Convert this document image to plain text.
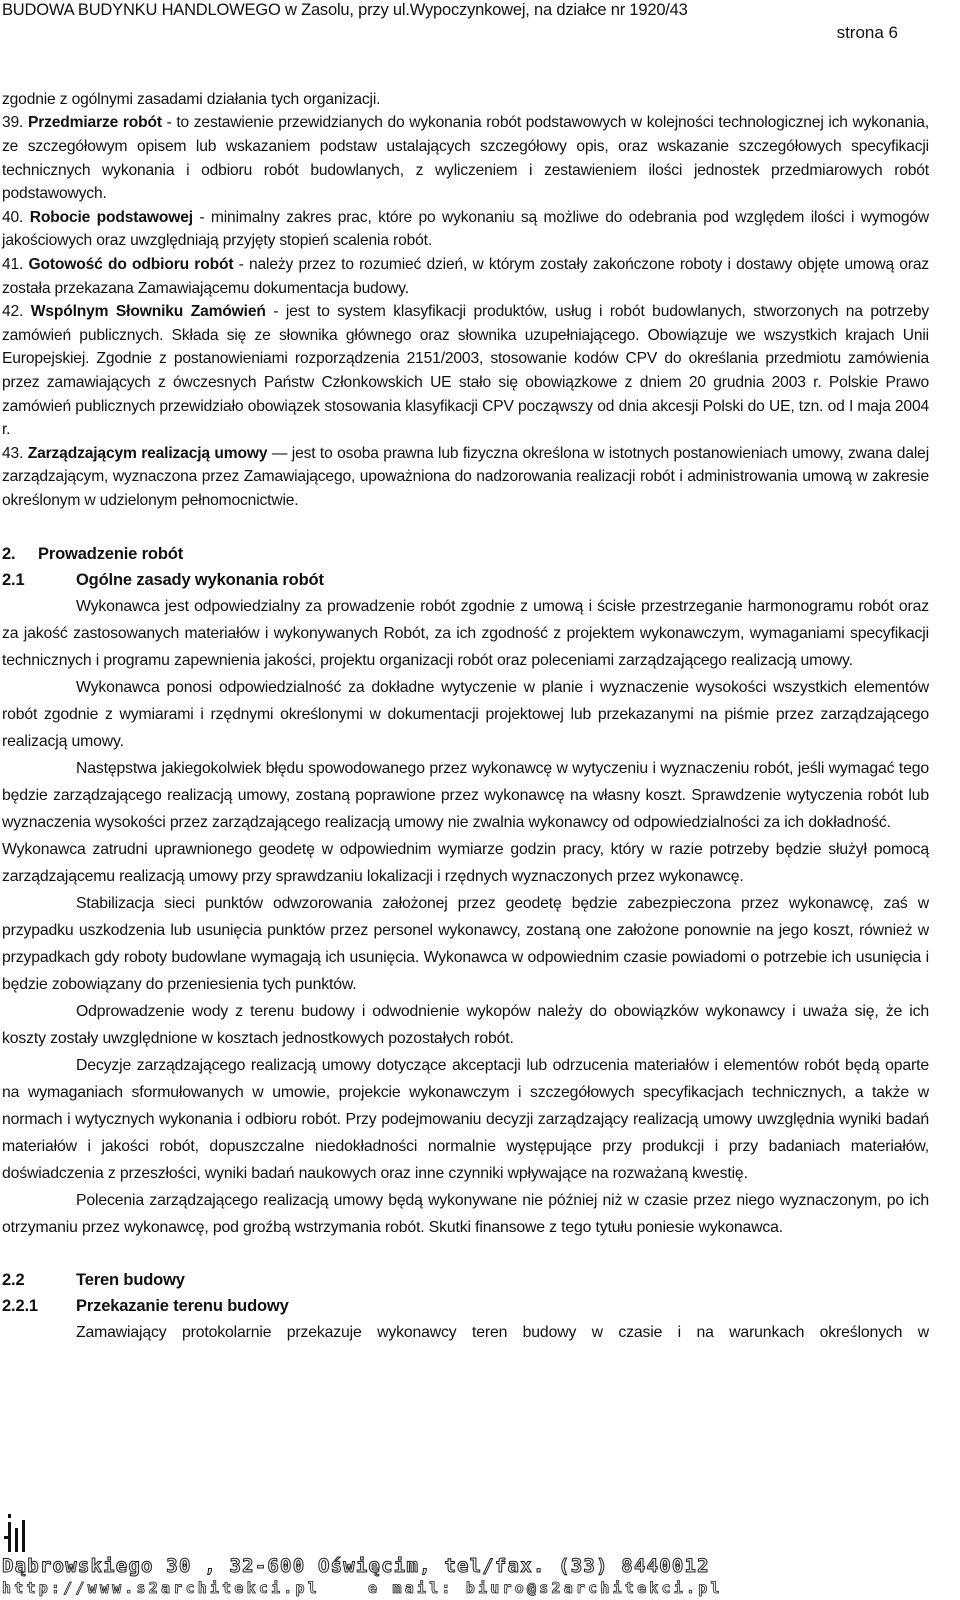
BUDOWA BUDYNKU HANDLOWEGO w Zasolu, przy ul.Wypoczynkowej, na działce nr 1920/43
strona 6

zgodnie z ogólnymi zasadami działania tych organizacji.

39. Przedmiarze robót - to zestawienie przewidzianych do wykonania robót podstawowych w kolejności technologicznej ich wykonania, ze szczegółowym opisem lub wskazaniem podstaw ustalających szczegółowy opis, oraz wskazanie szczegółowych specyfikacji technicznych wykonania i odbioru robót budowlanych, z wyliczeniem i zestawieniem ilości jednostek przedmiarowych robót podstawowych.

40. Robocie podstawowej - minimalny zakres prac, które po wykonaniu są możliwe do odebrania pod względem ilości i wymogów jakościowych oraz uwzględniają przyjęty stopień scalenia robót.

41. Gotowość do odbioru robót - należy przez to rozumieć dzień, w którym zostały zakończone roboty i dostawy objęte umową oraz została przekazana Zamawiającemu dokumentacja budowy.

42. Wspólnym Słowniku Zamówień - jest to system klasyfikacji produktów, usług i robót budowlanych, stworzonych na potrzeby zamówień publicznych. Składa się ze słownika głównego oraz słownika uzupełniającego. Obowiązuje we wszystkich krajach Unii Europejskiej. Zgodnie z postanowieniami rozporządzenia 2151/2003, stosowanie kodów CPV do określania przedmiotu zamówienia przez zamawiających z ówczesnych Państw Członkowskich UE stało się obowiązkowe z dniem 20 grudnia 2003 r. Polskie Prawo zamówień publicznych przewidziało obowiązek stosowania klasyfikacji CPV począwszy od dnia akcesji Polski do UE, tzn. od I maja 2004 r.

43. Zarządzającym realizacją umowy — jest to osoba prawna lub fizyczna określona w istotnych postanowieniach umowy, zwana dalej zarządzającym, wyznaczona przez Zamawiającego, upoważniona do nadzorowania realizacji robót i administrowania umową w zakresie określonym w udzielonym pełnomocnictwie.

2. Prowadzenie robót

2.1	Ogólne zasady wykonania robót

Wykonawca jest odpowiedzialny za prowadzenie robót zgodnie z umową i ścisłe przestrzeganie harmonogramu robót oraz za jakość zastosowanych materiałów i wykonywanych Robót, za ich zgodność z projektem wykonawczym, wymaganiami specyfikacji technicznych i programu zapewnienia jakości, projektu organizacji robót oraz poleceniami zarządzającego realizacją umowy.

Wykonawca ponosi odpowiedzialność za dokładne wytyczenie w planie i wyznaczenie wysokości wszystkich elementów robót zgodnie z wymiarami i rzędnymi określonymi w dokumentacji projektowej lub przekazanymi na piśmie przez zarządzającego realizacją umowy.

Następstwa jakiegokolwiek błędu spowodowanego przez wykonawcę w wytyczeniu i wyznaczeniu robót, jeśli wymagać tego będzie zarządzającego realizacją umowy, zostaną poprawione przez wykonawcę na własny koszt. Sprawdzenie wytyczenia robót lub wyznaczenia wysokości przez zarządzającego realizacją umowy nie zwalnia wykonawcy od odpowiedzialności za ich dokładność.

Wykonawca zatrudni uprawnionego geodetę w odpowiednim wymiarze godzin pracy, który w razie potrzeby będzie służył pomocą zarządzającemu realizacją umowy przy sprawdzaniu lokalizacji i rzędnych wyznaczonych przez wykonawcę.

Stabilizacja sieci punktów odwzorowania założonej przez geodetę będzie zabezpieczona przez wykonawcę, zaś w przypadku uszkodzenia lub usunięcia punktów przez personel wykonawcy, zostaną one założone ponownie na jego koszt, również w przypadkach gdy roboty budowlane wymagają ich usunięcia. Wykonawca w odpowiednim czasie powiadomi o potrzebie ich usunięcia i będzie zobowiązany do przeniesienia tych punktów.

Odprowadzenie wody z terenu budowy i odwodnienie wykopów należy do obowiązków wykonawcy i uważa się, że ich koszty zostały uwzględnione w kosztach jednostkowych pozostałych robót.

Decyzje zarządzającego realizacją umowy dotyczące akceptacji lub odrzucenia materiałów i elementów robót będą oparte na wymaganiach sformułowanych w umowie, projekcie wykonawczym i szczegółowych specyfikacjach technicznych, a także w normach i wytycznych wykonania i odbioru robót. Przy podejmowaniu decyzji zarządzający realizacją umowy uwzględnia wyniki badań materiałów i jakości robót, dopuszczalne niedokładności normalnie występujące przy produkcji i przy badaniach materiałów, doświadczenia z przeszłości, wyniki badań naukowych oraz inne czynniki wpływające na rozważaną kwestię.

Polecenia zarządzającego realizacją umowy będą wykonywane nie później niż w czasie przez niego wyznaczonym, po ich otrzymaniu przez wykonawcę, pod groźbą wstrzymania robót. Skutki finansowe z tego tytułu poniesie wykonawca.

2.2	Teren budowy

2.2.1 Przekazanie terenu budowy

Zamawiający protokolarnie przekazuje wykonawcy teren budowy w czasie i na warunkach określonych w

Dąbrowskiego 30 , 32-600 Oświęcim, tel/fax. (33) 8440012
http://www.s2architekci.pl	e mail: biuro@s2architekci.pl
